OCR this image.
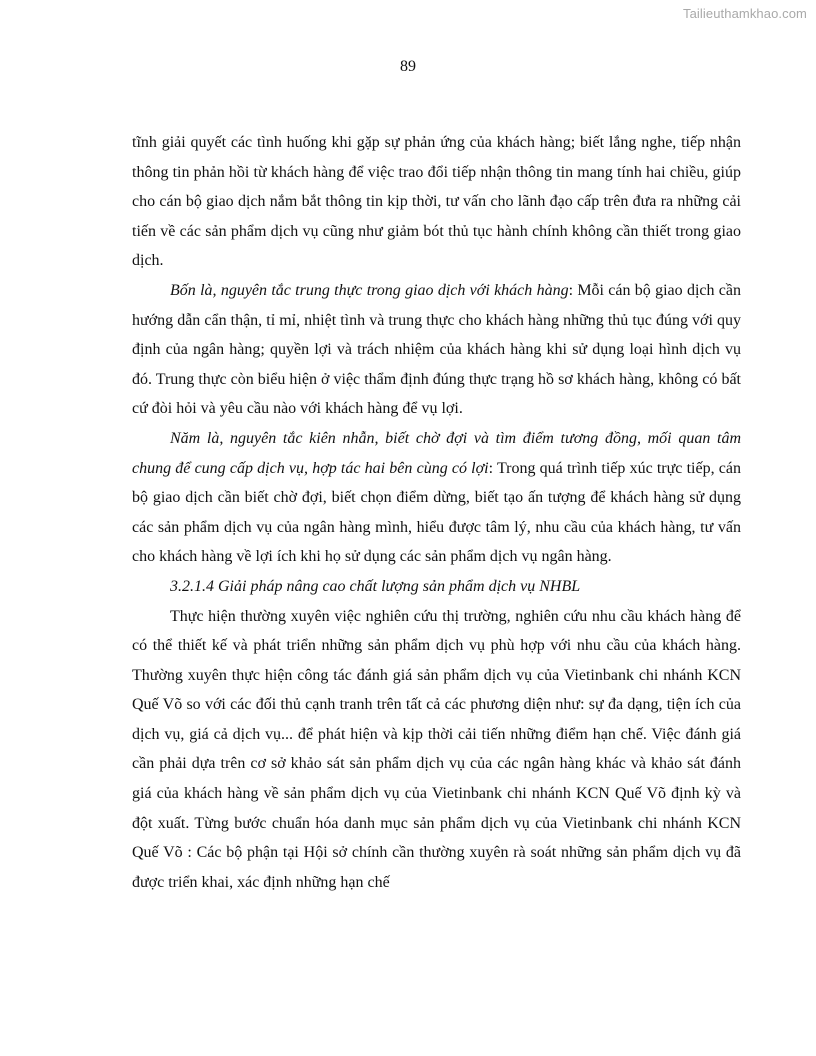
Tailieuthamkhao.com
89

tĩnh giải quyết các tình huống khi gặp sự phản ứng của khách hàng; biết lắng nghe, tiếp nhận thông tin phản hồi từ khách hàng để việc trao đổi tiếp nhận thông tin mang tính hai chiều, giúp cho cán bộ giao dịch nắm bắt thông tin kịp thời, tư vấn cho lãnh đạo cấp trên đưa ra những cải tiến về các sản phẩm dịch vụ cũng như giảm bót thủ tục hành chính không cần thiết trong giao dịch.

Bốn là, nguyên tắc trung thực trong giao dịch với khách hàng: Mỗi cán bộ giao dịch cần hướng dẫn cẩn thận, tỉ mỉ, nhiệt tình và trung thực cho khách hàng những thủ tục đúng với quy định của ngân hàng; quyền lợi và trách nhiệm của khách hàng khi sử dụng loại hình dịch vụ đó. Trung thực còn biểu hiện ở việc thẩm định đúng thực trạng hồ sơ khách hàng, không có bất cứ đòi hỏi và yêu cầu nào với khách hàng để vụ lợi.

Năm là, nguyên tắc kiên nhẫn, biết chờ đợi và tìm điểm tương đồng, mối quan tâm chung để cung cấp dịch vụ, hợp tác hai bên cùng có lợi: Trong quá trình tiếp xúc trực tiếp, cán bộ giao dịch cần biết chờ đợi, biết chọn điểm dừng, biết tạo ấn tượng để khách hàng sử dụng các sản phẩm dịch vụ của ngân hàng mình, hiểu được tâm lý, nhu cầu của khách hàng, tư vấn cho khách hàng về lợi ích khi họ sử dụng các sản phẩm dịch vụ ngân hàng.

3.2.1.4 Giải pháp nâng cao chất lượng sản phẩm dịch vụ NHBL

Thực hiện thường xuyên việc nghiên cứu thị trường, nghiên cứu nhu cầu khách hàng để có thể thiết kế và phát triển những sản phẩm dịch vụ phù hợp với nhu cầu của khách hàng. Thường xuyên thực hiện công tác đánh giá sản phẩm dịch vụ của Vietinbank chi nhánh KCN Quế Võ so với các đối thủ cạnh tranh trên tất cả các phương diện như: sự đa dạng, tiện ích của dịch vụ, giá cả dịch vụ... để phát hiện và kịp thời cải tiến những điểm hạn chế. Việc đánh giá cần phải dựa trên cơ sở khảo sát sản phẩm dịch vụ của các ngân hàng khác và khảo sát đánh giá của khách hàng về sản phẩm dịch vụ của Vietinbank chi nhánh KCN Quế Võ định kỳ và đột xuất. Từng bước chuẩn hóa danh mục sản phẩm dịch vụ của Vietinbank chi nhánh KCN Quế Võ : Các bộ phận tại Hội sở chính cần thường xuyên rà soát những sản phẩm dịch vụ đã được triển khai, xác định những hạn chế
